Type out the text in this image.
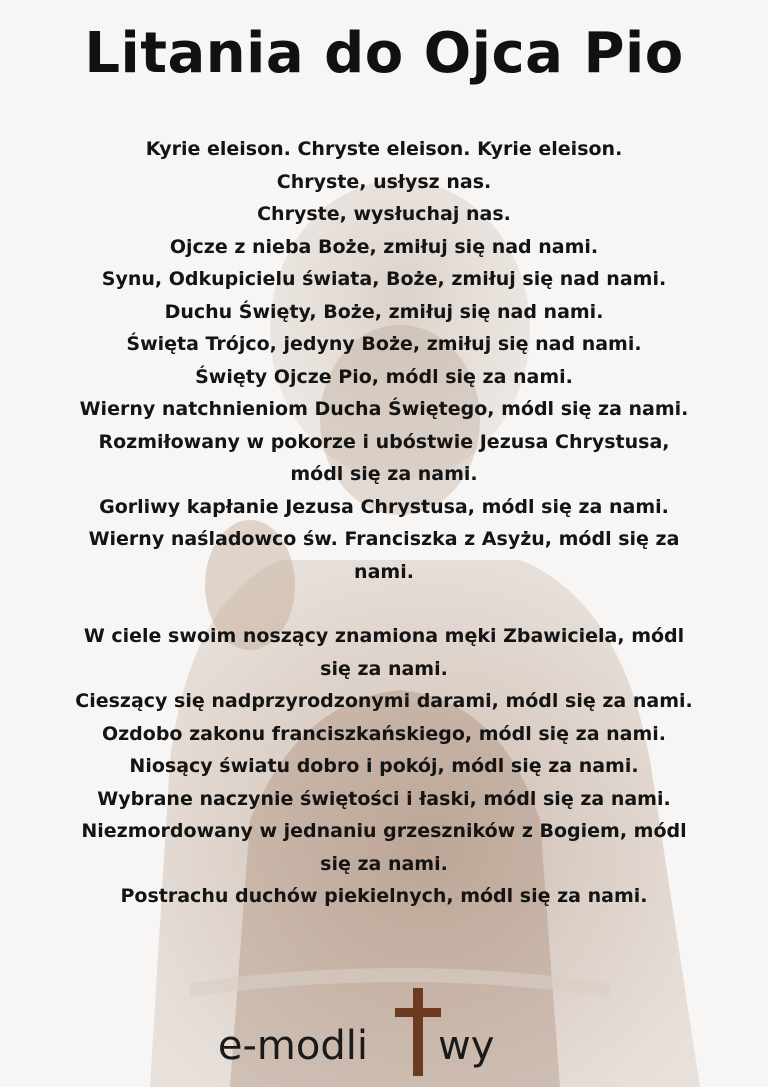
Litania do Ojca Pio
Kyrie eleison. Chryste eleison. Kyrie eleison.
Chryste, usłysz nas.
Chryste, wysłuchaj nas.
Ojcze z nieba Boże, zmiłuj się nad nami.
Synu, Odkupicielu świata, Boże, zmiłuj się nad nami.
Duchu Święty, Boże, zmiłuj się nad nami.
Święta Trójco, jedyny Boże, zmiłuj się nad nami.
Święty Ojcze Pio, módl się za nami.
Wierny natchnieniom Ducha Świętego, módl się za nami.
Rozmiłowany w pokorze i ubóstwie Jezusa Chrystusa,
módl się za nami.
Gorliwy kapłanie Jezusa Chrystusa, módl się za nami.
Wierny naśladowco św. Franciszka z Asyżu, módl się za
nami.
W ciele swoim noszący znamiona męki Zbawiciela, módl
się za nami.
Cieszący się nadprzyrodzonymi darami, módl się za nami.
Ozdobo zakonu franciszkańskiego, módl się za nami.
Niosący światu dobro i pokój, módl się za nami.
Wybrane naczynie świętości i łaski, módl się za nami.
Niezmordowany w jednaniu grzeszników z Bogiem, módl
się za nami.
Postrachu duchów piekielnych, módl się za nami.
e-modli wy
